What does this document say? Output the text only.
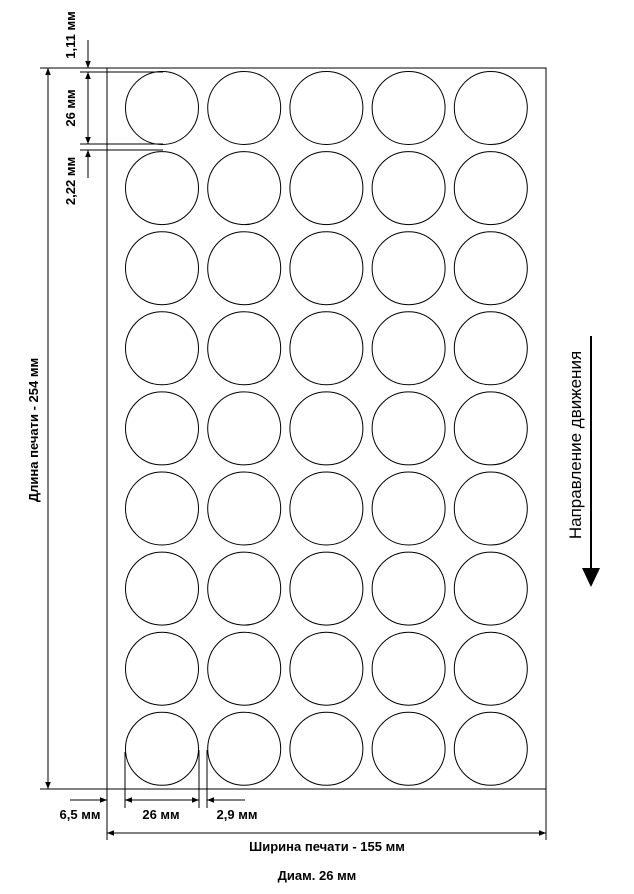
1,11 мм
26 мм
2,22 мм
Длина печати - 254 мм
6,5 мм	26 мм	2,9 мм
Ширина печати - 155 мм
Диам. 26 мм
Направление движения
